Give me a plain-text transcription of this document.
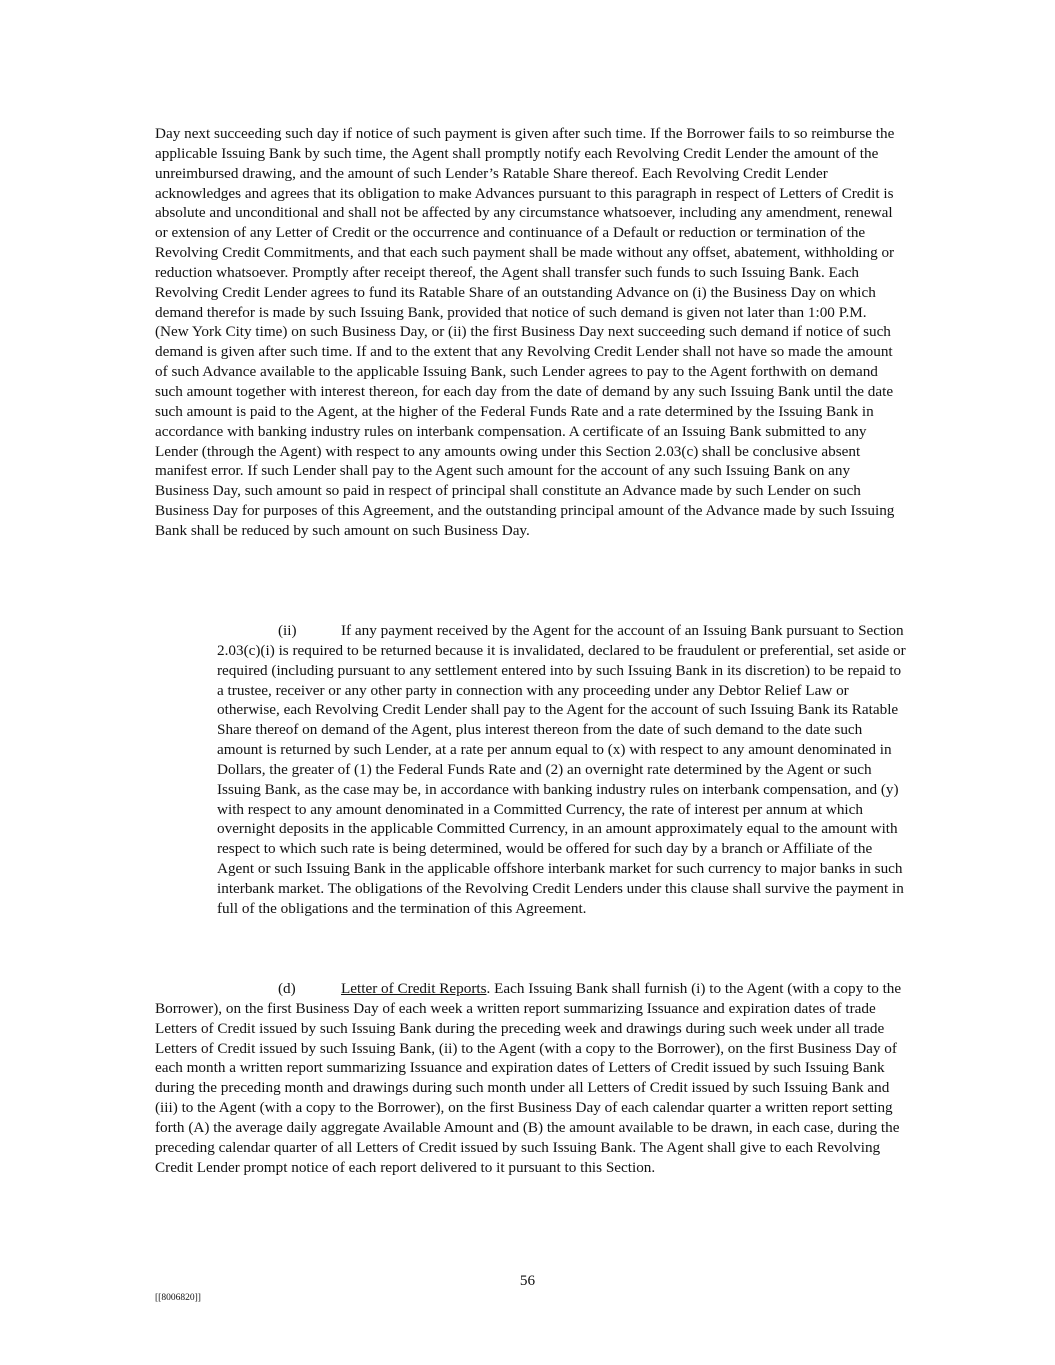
Day next succeeding such day if notice of such payment is given after such time. If the Borrower fails to so reimburse the applicable Issuing Bank by such time, the Agent shall promptly notify each Revolving Credit Lender the amount of the unreimbursed drawing, and the amount of such Lender’s Ratable Share thereof. Each Revolving Credit Lender acknowledges and agrees that its obligation to make Advances pursuant to this paragraph in respect of Letters of Credit is absolute and unconditional and shall not be affected by any circumstance whatsoever, including any amendment, renewal or extension of any Letter of Credit or the occurrence and continuance of a Default or reduction or termination of the Revolving Credit Commitments, and that each such payment shall be made without any offset, abatement, withholding or reduction whatsoever. Promptly after receipt thereof, the Agent shall transfer such funds to such Issuing Bank. Each Revolving Credit Lender agrees to fund its Ratable Share of an outstanding Advance on (i) the Business Day on which demand therefor is made by such Issuing Bank, provided that notice of such demand is given not later than 1:00 P.M. (New York City time) on such Business Day, or (ii) the first Business Day next succeeding such demand if notice of such demand is given after such time. If and to the extent that any Revolving Credit Lender shall not have so made the amount of such Advance available to the applicable Issuing Bank, such Lender agrees to pay to the Agent forthwith on demand such amount together with interest thereon, for each day from the date of demand by any such Issuing Bank until the date such amount is paid to the Agent, at the higher of the Federal Funds Rate and a rate determined by the Issuing Bank in accordance with banking industry rules on interbank compensation. A certificate of an Issuing Bank submitted to any Lender (through the Agent) with respect to any amounts owing under this Section 2.03(c) shall be conclusive absent manifest error. If such Lender shall pay to the Agent such amount for the account of any such Issuing Bank on any Business Day, such amount so paid in respect of principal shall constitute an Advance made by such Lender on such Business Day for purposes of this Agreement, and the outstanding principal amount of the Advance made by such Issuing Bank shall be reduced by such amount on such Business Day.

(ii)	If any payment received by the Agent for the account of an Issuing Bank pursuant to Section 2.03(c)(i) is required to be returned because it is invalidated, declared to be fraudulent or preferential, set aside or required (including pursuant to any settlement entered into by such Issuing Bank in its discretion) to be repaid to a trustee, receiver or any other party in connection with any proceeding under any Debtor Relief Law or otherwise, each Revolving Credit Lender shall pay to the Agent for the account of such Issuing Bank its Ratable Share thereof on demand of the Agent, plus interest thereon from the date of such demand to the date such amount is returned by such Lender, at a rate per annum equal to (x) with respect to any amount denominated in Dollars, the greater of (1) the Federal Funds Rate and (2) an overnight rate determined by the Agent or such Issuing Bank, as the case may be, in accordance with banking industry rules on interbank compensation, and (y) with respect to any amount denominated in a Committed Currency, the rate of interest per annum at which overnight deposits in the applicable Committed Currency, in an amount approximately equal to the amount with respect to which such rate is being determined, would be offered for such day by a branch or Affiliate of the Agent or such Issuing Bank in the applicable offshore interbank market for such currency to major banks in such interbank market. The obligations of the Revolving Credit Lenders under this clause shall survive the payment in full of the obligations and the termination of this Agreement.

(d)	Letter of Credit Reports. Each Issuing Bank shall furnish (i) to the Agent (with a copy to the Borrower), on the first Business Day of each week a written report summarizing Issuance and expiration dates of trade Letters of Credit issued by such Issuing Bank during the preceding week and drawings during such week under all trade Letters of Credit issued by such Issuing Bank, (ii) to the Agent (with a copy to the Borrower), on the first Business Day of each month a written report summarizing Issuance and expiration dates of Letters of Credit issued by such Issuing Bank during the preceding month and drawings during such month under all Letters of Credit issued by such Issuing Bank and (iii) to the Agent (with a copy to the Borrower), on the first Business Day of each calendar quarter a written report setting forth (A) the average daily aggregate Available Amount and (B) the amount available to be drawn, in each case, during the preceding calendar quarter of all Letters of Credit issued by such Issuing Bank. The Agent shall give to each Revolving Credit Lender prompt notice of each report delivered to it pursuant to this Section.

56
[[8006820]]
